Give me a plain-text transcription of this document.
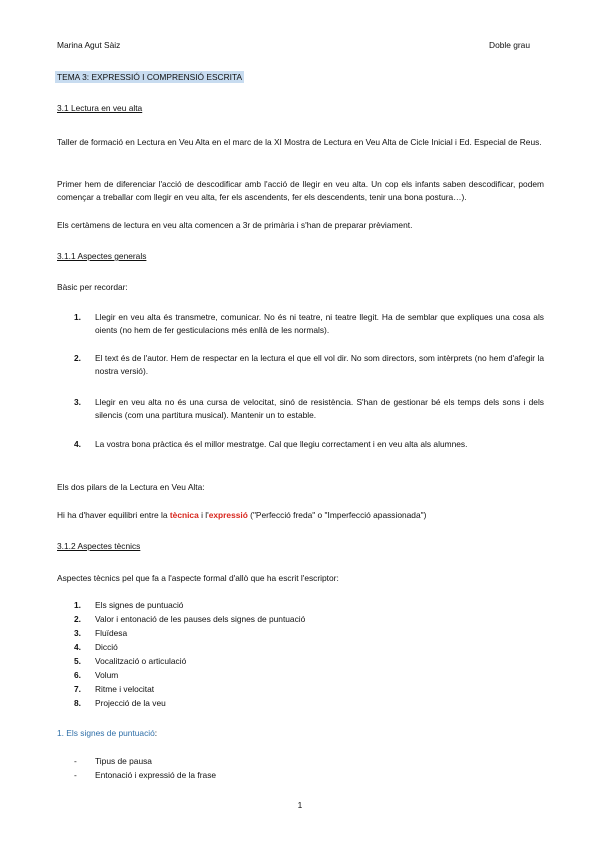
Marina Agut Sàiz	Doble grau
TEMA 3: EXPRESSIÓ I COMPRENSIÓ ESCRITA
3.1 Lectura en veu alta
Taller de formació en Lectura en Veu Alta en el marc de la XI Mostra de Lectura en Veu Alta de Cicle Inicial i Ed. Especial de Reus.
Primer hem de diferenciar l'acció de descodificar amb l'acció de llegir en veu alta. Un cop els infants saben descodificar, podem començar a treballar com llegir en veu alta, fer els ascendents, fer els descendents, tenir una bona postura…).
Els certàmens de lectura en veu alta comencen a 3r de primària i s'han de preparar prèviament.
3.1.1 Aspectes generals
Bàsic per recordar:
1.	Llegir en veu alta és transmetre, comunicar. No és ni teatre, ni teatre llegit. Ha de semblar que expliques una cosa als oients (no hem de fer gesticulacions més enllà de les normals).
2.	El text és de l'autor. Hem de respectar en la lectura el que ell vol dir. No som directors, som intèrprets (no hem d'afegir la nostra versió).
3.	Llegir en veu alta no és una cursa de velocitat, sinó de resistència. S'han de gestionar bé els temps dels sons i dels silencis (com una partitura musical). Mantenir un to estable.
4.	La vostra bona pràctica és el millor mestratge. Cal que llegiu correctament i en veu alta als alumnes.
Els dos pilars de la Lectura en Veu Alta:
Hi ha d'haver equilibri entre la tècnica i l'expressió ("Perfecció freda" o "Imperfecció apassionada")
3.1.2 Aspectes tècnics
Aspectes tècnics pel que fa a l'aspecte formal d'allò que ha escrit l'escriptor:
1. Els signes de puntuació
2. Valor i entonació de les pauses dels signes de puntuació
3. Fluïdesa
4. Dicció
5. Vocalització o articulació
6. Volum
7. Ritme i velocitat
8. Projecció de la veu
1. Els signes de puntuació:
- Tipus de pausa
- Entonació i expressió de la frase
1
